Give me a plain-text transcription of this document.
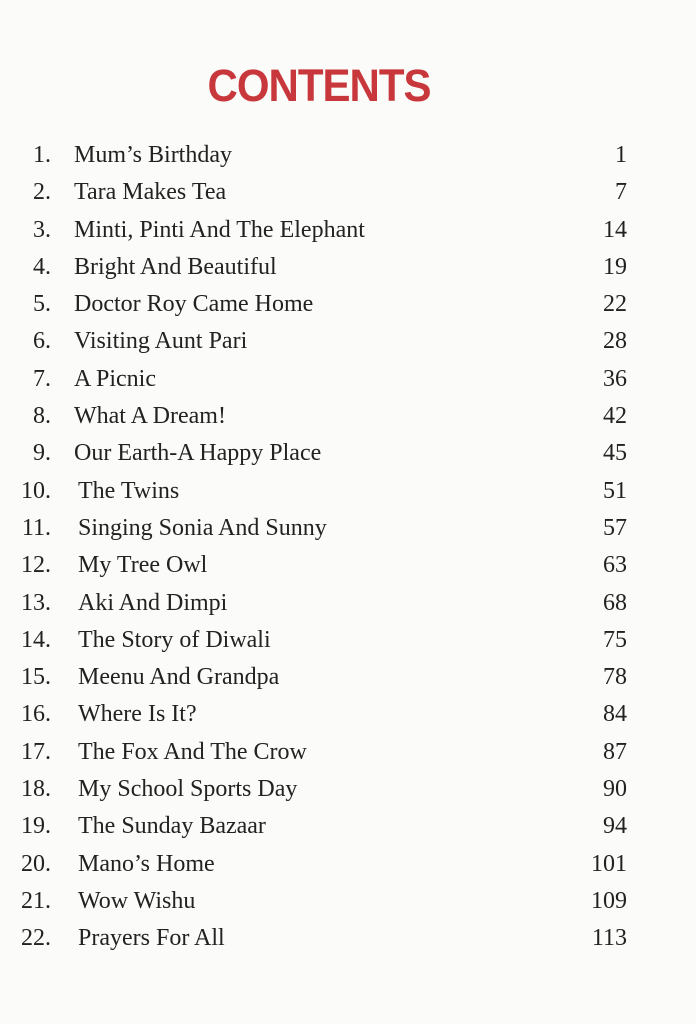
CONTENTS
1. Mum’s Birthday	1
2. Tara Makes Tea	7
3. Minti, Pinti And The Elephant	14
4. Bright And Beautiful	19
5. Doctor Roy Came Home	22
6. Visiting Aunt Pari	28
7. A Picnic	36
8. What A Dream!	42
9. Our Earth-A Happy Place	45
10. The Twins	51
11. Singing Sonia And Sunny	57
12. My Tree Owl	63
13. Aki And Dimpi	68
14. The Story of Diwali	75
15. Meenu And Grandpa	78
16. Where Is It?	84
17. The Fox And The Crow	87
18. My School Sports Day	90
19. The Sunday Bazaar	94
20. Mano’s Home	101
21. Wow Wishu	109
22. Prayers For All	113
